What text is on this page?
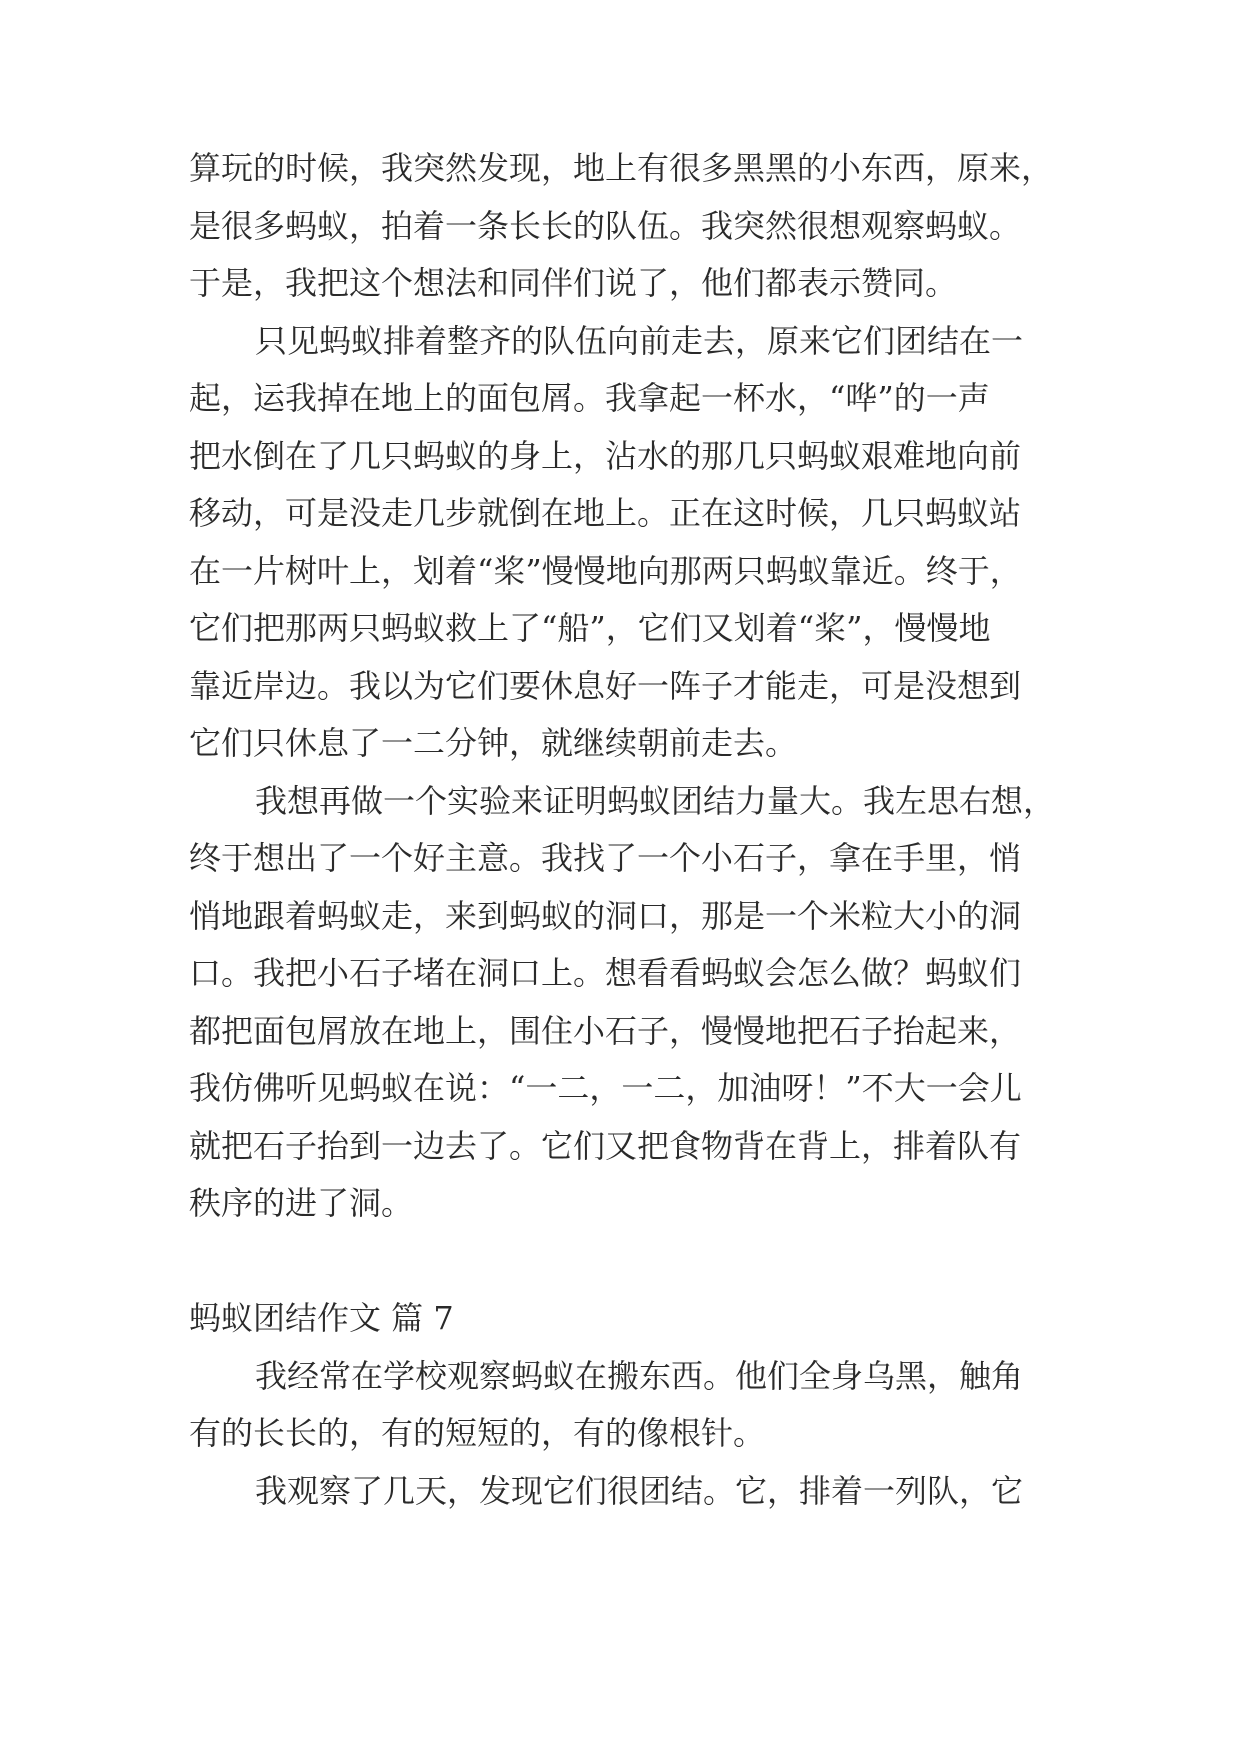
算玩的时候，我突然发现，地上有很多黑黑的小东西，原来，
是很多蚂蚁，拍着一条长长的队伍。我突然很想观察蚂蚁。
于是，我把这个想法和同伴们说了，他们都表示赞同。
只见蚂蚁排着整齐的队伍向前走去，原来它们团结在一
起，运我掉在地上的面包屑。我拿起一杯水，“哗”的一声
把水倒在了几只蚂蚁的身上，沾水的那几只蚂蚁艰难地向前
移动，可是没走几步就倒在地上。正在这时候，几只蚂蚁站
在一片树叶上，划着“桨”慢慢地向那两只蚂蚁靠近。终于，
它们把那两只蚂蚁救上了“船”，它们又划着“桨”，慢慢地
靠近岸边。我以为它们要休息好一阵子才能走，可是没想到
它们只休息了一二分钟，就继续朝前走去。
我想再做一个实验来证明蚂蚁团结力量大。我左思右想，
终于想出了一个好主意。我找了一个小石子，拿在手里，悄
悄地跟着蚂蚁走，来到蚂蚁的洞口，那是一个米粒大小的洞
口。我把小石子堵在洞口上。想看看蚂蚁会怎么做？蚂蚁们
都把面包屑放在地上，围住小石子，慢慢地把石子抬起来，
我仿佛听见蚂蚁在说：“一二，一二，加油呀！”不大一会儿
就把石子抬到一边去了。它们又把食物背在背上，排着队有
秩序的进了洞。
蚂蚁团结作文 篇 7
我经常在学校观察蚂蚁在搬东西。他们全身乌黑，触角
有的长长的，有的短短的，有的像根针。
我观察了几天，发现它们很团结。它，排着一列队，它
